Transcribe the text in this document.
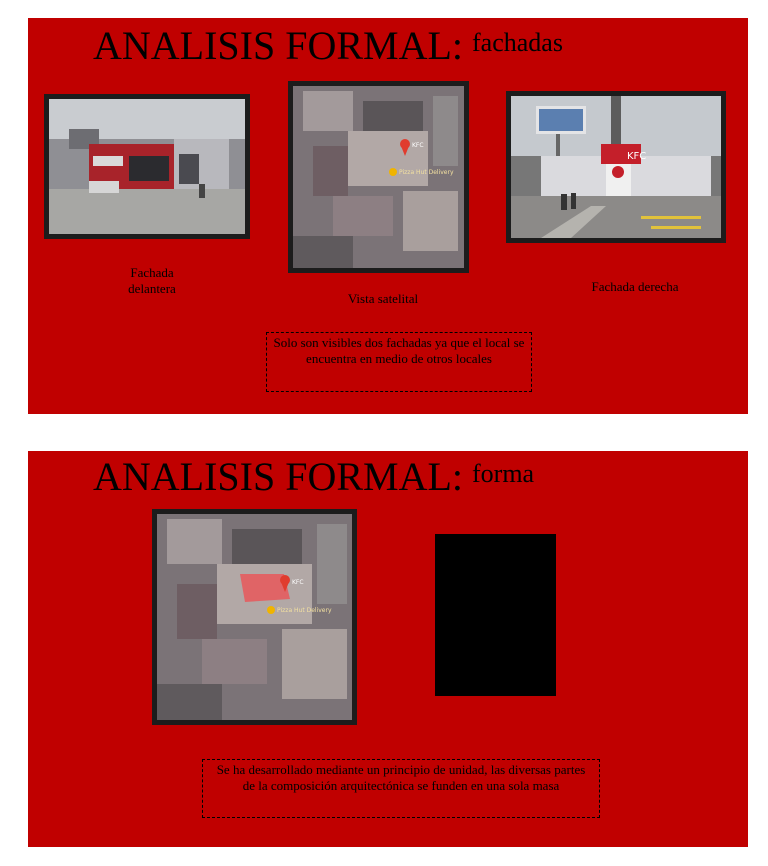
ANALISIS FORMAL: fachadas
Fachada delantera
KFC
Pizza Hut Delivery
Vista satelital
KFC
Fachada derecha
Solo son visibles dos fachadas ya que el local se encuentra en medio de otros locales
ANALISIS FORMAL: forma
KFC
Pizza Hut Delivery
Se ha desarrollado mediante un principio de unidad, las diversas partes de la composición arquitectónica se funden en una sola masa
